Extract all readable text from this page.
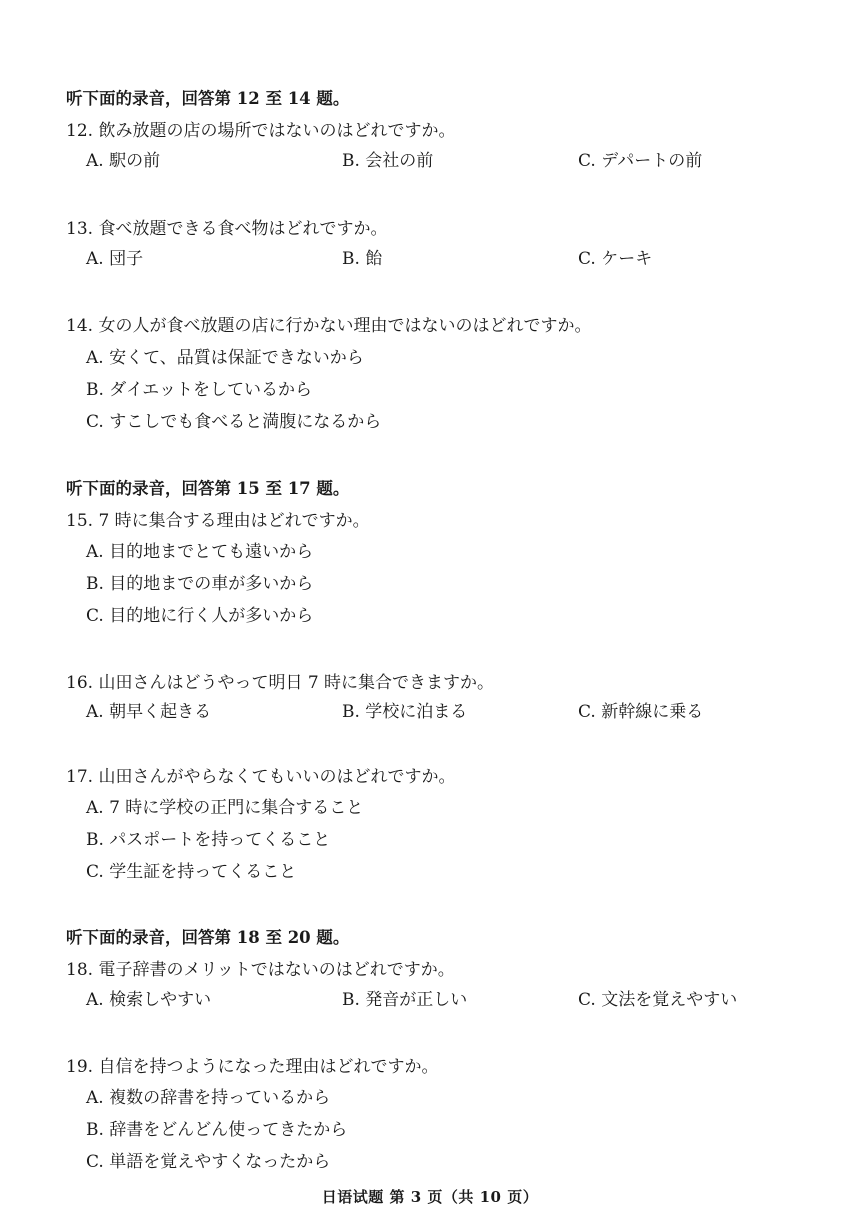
听下面的录音，回答第 12 至 14 题。
12. 飲み放題の店の場所ではないのはどれですか。
A. 駅の前	B. 会社の前	C. デパートの前
13. 食べ放題できる食べ物はどれですか。
A. 団子	B. 飴	C. ケーキ
14. 女の人が食べ放題の店に行かない理由ではないのはどれですか。
A. 安くて、品質は保証できないから
B. ダイエットをしているから
C. すこしでも食べると満腹になるから
听下面的录音，回答第 15 至 17 题。
15. 7 時に集合する理由はどれですか。
A. 目的地までとても遠いから
B. 目的地までの車が多いから
C. 目的地に行く人が多いから
16. 山田さんはどうやって明日 7 時に集合できますか。
A. 朝早く起きる	B. 学校に泊まる	C. 新幹線に乗る
17. 山田さんがやらなくてもいいのはどれですか。
A. 7 時に学校の正門に集合すること
B. パスポートを持ってくること
C. 学生証を持ってくること
听下面的录音，回答第 18 至 20 题。
18. 電子辞書のメリットではないのはどれですか。
A. 検索しやすい	B. 発音が正しい	C. 文法を覚えやすい
19. 自信を持つようになった理由はどれですか。
A. 複数の辞書を持っているから
B. 辞書をどんどん使ってきたから
C. 単語を覚えやすくなったから
日语试题 第 3 页（共 10 页）
